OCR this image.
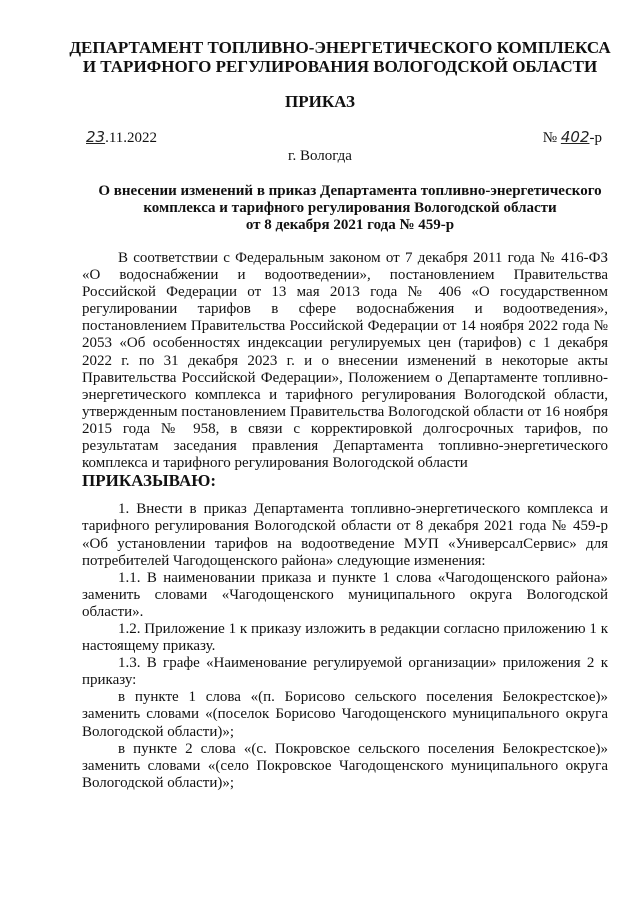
ДЕПАРТАМЕНТ ТОПЛИВНО-ЭНЕРГЕТИЧЕСКОГО КОМПЛЕКСА
И ТАРИФНОГО РЕГУЛИРОВАНИЯ ВОЛОГОДСКОЙ ОБЛАСТИ
ПРИКАЗ
23.11.2022	№ 402-р
г. Вологда
О внесении изменений в приказ Департамента топливно-энергетического
комплекса и тарифного регулирования Вологодской области
от 8 декабря 2021 года № 459-р

В соответствии с Федеральным законом от 7 декабря 2011 года № 416-ФЗ «О водоснабжении и водоотведении», постановлением Правительства Российской Федерации от 13 мая 2013 года № 406 «О государственном регулировании тарифов в сфере водоснабжения и водоотведения», постановлением Правительства Российской Федерации от 14 ноября 2022 года № 2053 «Об особенностях индексации регулируемых цен (тарифов) с 1 декабря 2022 г. по 31 декабря 2023 г. и о внесении изменений в некоторые акты Правительства Российской Федерации», Положением о Департаменте топливно-энергетического комплекса и тарифного регулирования Вологодской области, утвержденным постановлением Правительства Вологодской области от 16 ноября 2015 года № 958, в связи с корректировкой долгосрочных тарифов, по результатам заседания правления Департамента топливно-энергетического комплекса и тарифного регулирования Вологодской области

ПРИКАЗЫВАЮ:

1. Внести в приказ Департамента топливно-энергетического комплекса и тарифного регулирования Вологодской области от 8 декабря 2021 года № 459-р «Об установлении тарифов на водоотведение МУП «УниверсалСервис» для потребителей Чагодощенского района» следующие изменения:

1.1. В наименовании приказа и пункте 1 слова «Чагодощенского района» заменить словами «Чагодощенского муниципального округа Вологодской области».

1.2. Приложение 1 к приказу изложить в редакции согласно приложению 1 к настоящему приказу.

1.3. В графе «Наименование регулируемой организации» приложения 2 к приказу:

в пункте 1 слова «(п. Борисово сельского поселения Белокрестское)» заменить словами «(поселок Борисово Чагодощенского муниципального округа Вологодской области)»;

в пункте 2 слова «(с. Покровское сельского поселения Белокрестское)» заменить словами «(село Покровское Чагодощенского муниципального округа Вологодской области)»;
